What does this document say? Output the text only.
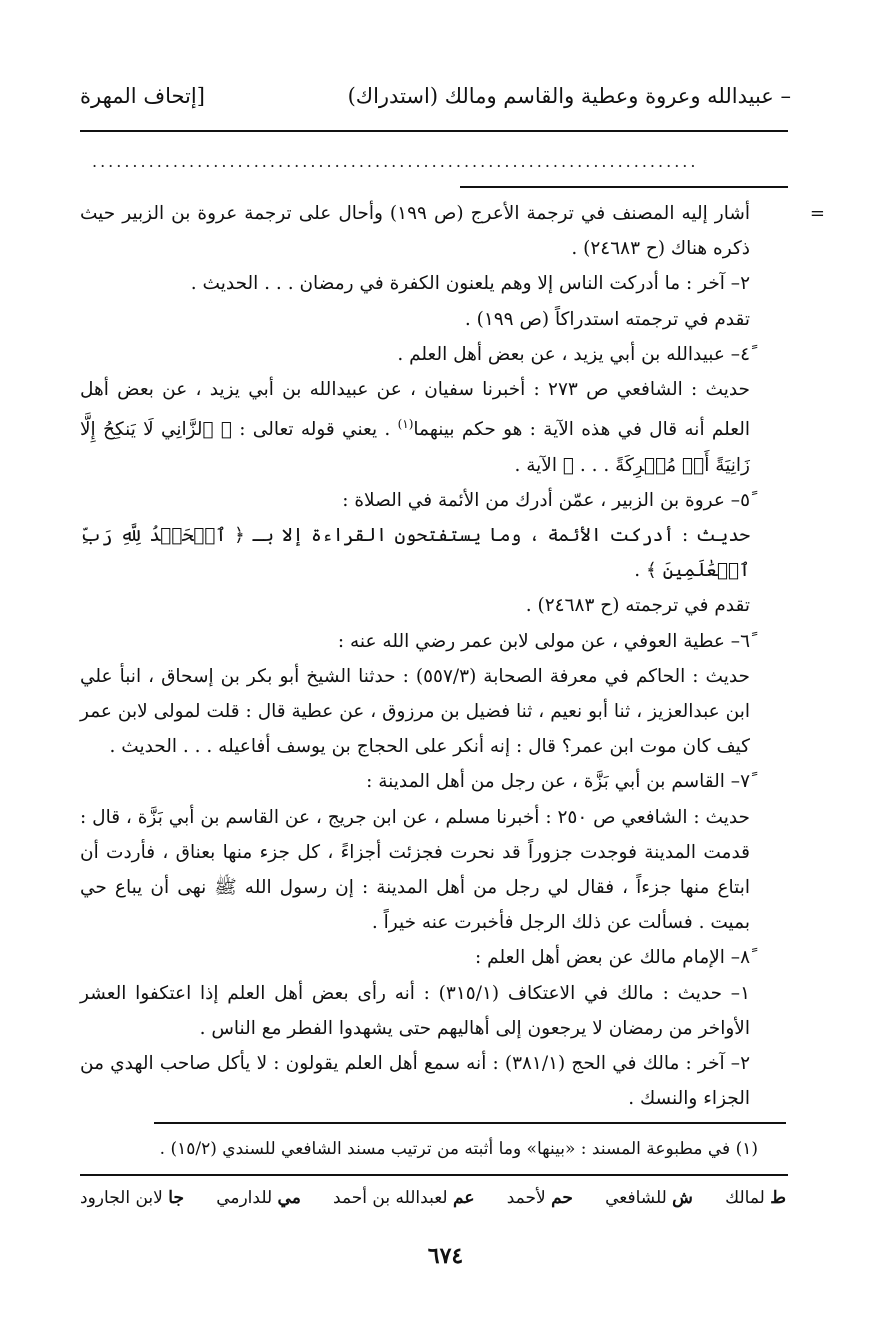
– عبيدالله وعروة وعطية والقاسم ومالك (استدراك)
[إتحاف المهرة
...........................................................................
=

أشار إليه المصنف في ترجمة الأعرج (ص ١٩٩) وأحال على ترجمة عروة بن الزبير حيث ذكره هناك (ح ٢٤٦٨٣) .

٢– آخر : ما أدركت الناس إلا وهم يلعنون الكفرة في رمضان . . . الحديث .

تقدم في ترجمته استدراكاً (ص ١٩٩) .

٤ً– عبيدالله بن أبي يزيد ، عن بعض أهل العلم .

حديث : الشافعي ص ٢٧٣ : أخبرنا سفيان ، عن عبيدالله بن أبي يزيد ، عن بعض أهل العلم أنه قال في هذه الآية : هو حكم بينهما$^{(١)}$ . يعني قوله تعالى : ﴿ ٱلزَّانِي لَا يَنكِحُ إِلَّا زَانِيَةً أَوۡ مُشۡرِكَةً . . . ﴾ الآية .

٥ً– عروة بن الزبير ، عمّن أدرك من الأئمة في الصلاة :

حديث : أدركت الأئمة ، وما يستفتحون القراءة إلا بـ ﴿ ٱلۡحَمۡدُ لِلَّهِ رَبِّ ٱلۡعَٰلَمِينَ ﴾ .

تقدم في ترجمته (ح ٢٤٦٨٣) .

٦ً– عطية العوفي ، عن مولى لابن عمر رضي الله عنه :

حديث : الحاكم في معرفة الصحابة (٥٥٧/٣) : حدثنا الشيخ أبو بكر بن إسحاق ، انبأ علي ابن عبدالعزيز ، ثنا أبو نعيم ، ثنا فضيل بن مرزوق ، عن عطية قال : قلت لمولى لابن عمر كيف كان موت ابن عمر؟ قال : إنه أنكر على الحجاج بن يوسف أفاعيله . . . الحديث .

٧ً– القاسم بن أبي بَزَّة ، عن رجل من أهل المدينة :

حديث : الشافعي ص ٢٥٠ : أخبرنا مسلم ، عن ابن جريج ، عن القاسم بن أبي بَزَّة ، قال : قدمت المدينة فوجدت جزوراً قد نحرت فجزئت أجزاءً ، كل جزء منها بعناق ، فأردت أن ابتاع منها جزءاً ، فقال لي رجل من أهل المدينة : إن رسول الله ﷺ نهى أن يباع حي بميت . فسألت عن ذلك الرجل فأخبرت عنه خيراً .

٨ً– الإمام مالك عن بعض أهل العلم :

١– حديث : مالك في الاعتكاف (٣١٥/١) : أنه رأى بعض أهل العلم إذا اعتكفوا العشر الأواخر من رمضان لا يرجعون إلى أهاليهم حتى يشهدوا الفطر مع الناس .

٢– آخر : مالك في الحج (٣٨١/١) : أنه سمع أهل العلم يقولون : لا يأكل صاحب الهدي من الجزاء والنسك .

(١) في مطبوعة المسند : «بينها» وما أثبته من ترتيب مسند الشافعي للسندي (١٥/٢) .
ط لمالك
ش للشافعي
حم لأحمد
عم لعبدالله بن أحمد
مي للدارمي
جا لابن الجارود
٦٧٤
